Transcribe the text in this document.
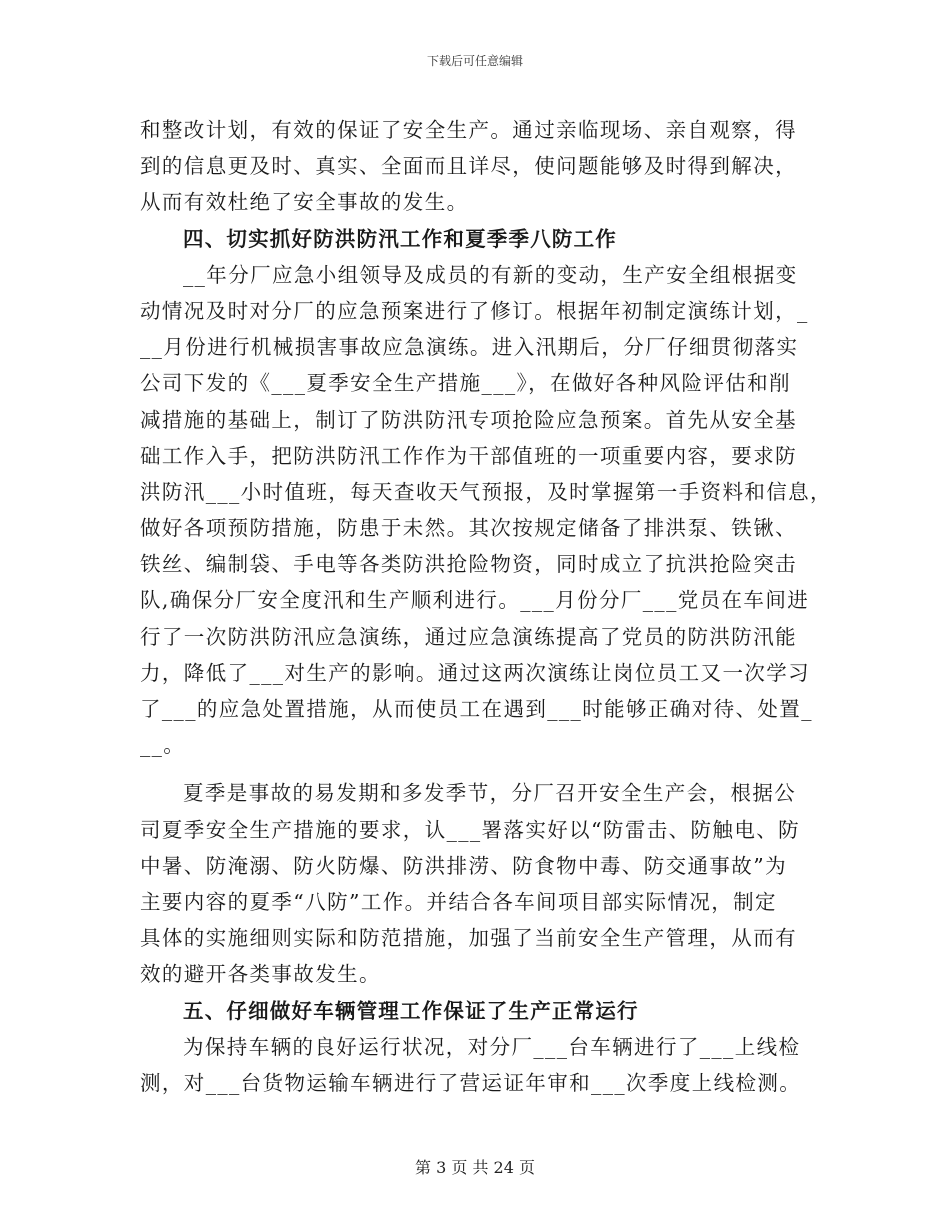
下载后可任意编辑
和整改计划，有效的保证了安全生产。通过亲临现场、亲自观察，得
到的信息更及时、真实、全面而且详尽，使问题能够及时得到解决，
从而有效杜绝了安全事故的发生。
四、切实抓好防洪防汛工作和夏季季八防工作
__年分厂应急小组领导及成员的有新的变动，生产安全组根据变
动情况及时对分厂的应急预案进行了修订。根据年初制定演练计划，_
__月份进行机械损害事故应急演练。进入汛期后，分厂仔细贯彻落实
公司下发的《___夏季安全生产措施___》，在做好各种风险评估和削
减措施的基础上，制订了防洪防汛专项抢险应急预案。首先从安全基
础工作入手，把防洪防汛工作作为干部值班的一项重要内容，要求防
洪防汛___小时值班，每天查收天气预报，及时掌握第一手资料和信息，
做好各项预防措施，防患于未然。其次按规定储备了排洪泵、铁锹、
铁丝、编制袋、手电等各类防洪抢险物资，同时成立了抗洪抢险突击
队,确保分厂安全度汛和生产顺利进行。___月份分厂___党员在车间进
行了一次防洪防汛应急演练，通过应急演练提高了党员的防洪防汛能
力，降低了___对生产的影响。通过这两次演练让岗位员工又一次学习
了___的应急处置措施，从而使员工在遇到___时能够正确对待、处置_
__。
夏季是事故的易发期和多发季节，分厂召开安全生产会，根据公
司夏季安全生产措施的要求，认___署落实好以“防雷击、防触电、防
中暑、防淹溺、防火防爆、防洪排涝、防食物中毒、防交通事故”为
主要内容的夏季“八防”工作。并结合各车间项目部实际情况，制定
具体的实施细则实际和防范措施，加强了当前安全生产管理，从而有
效的避开各类事故发生。
五、仔细做好车辆管理工作保证了生产正常运行
为保持车辆的良好运行状况，对分厂___台车辆进行了___上线检
测，对___台货物运输车辆进行了营运证年审和___次季度上线检测。
第 3 页 共 24 页
